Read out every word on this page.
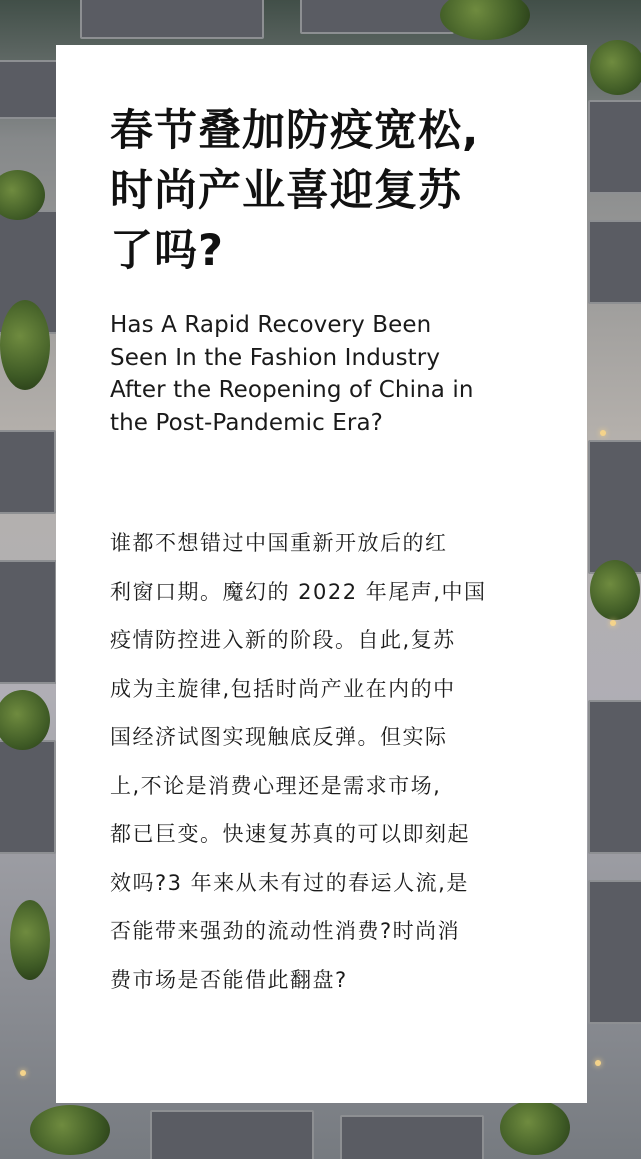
春节叠加防疫宽松,
时尚产业喜迎复苏
了吗?
Has A Rapid Recovery Been
Seen In the Fashion Industry
After the Reopening of China in
the Post-Pandemic Era?

谁都不想错过中国重新开放后的红
利窗口期。魔幻的 2022 年尾声,中国
疫情防控进入新的阶段。自此,复苏
成为主旋律,包括时尚产业在内的中
国经济试图实现触底反弹。但实际
上,不论是消费心理还是需求市场,
都已巨变。快速复苏真的可以即刻起
效吗?3 年来从未有过的春运人流,是
否能带来强劲的流动性消费?时尚消
费市场是否能借此翻盘?
